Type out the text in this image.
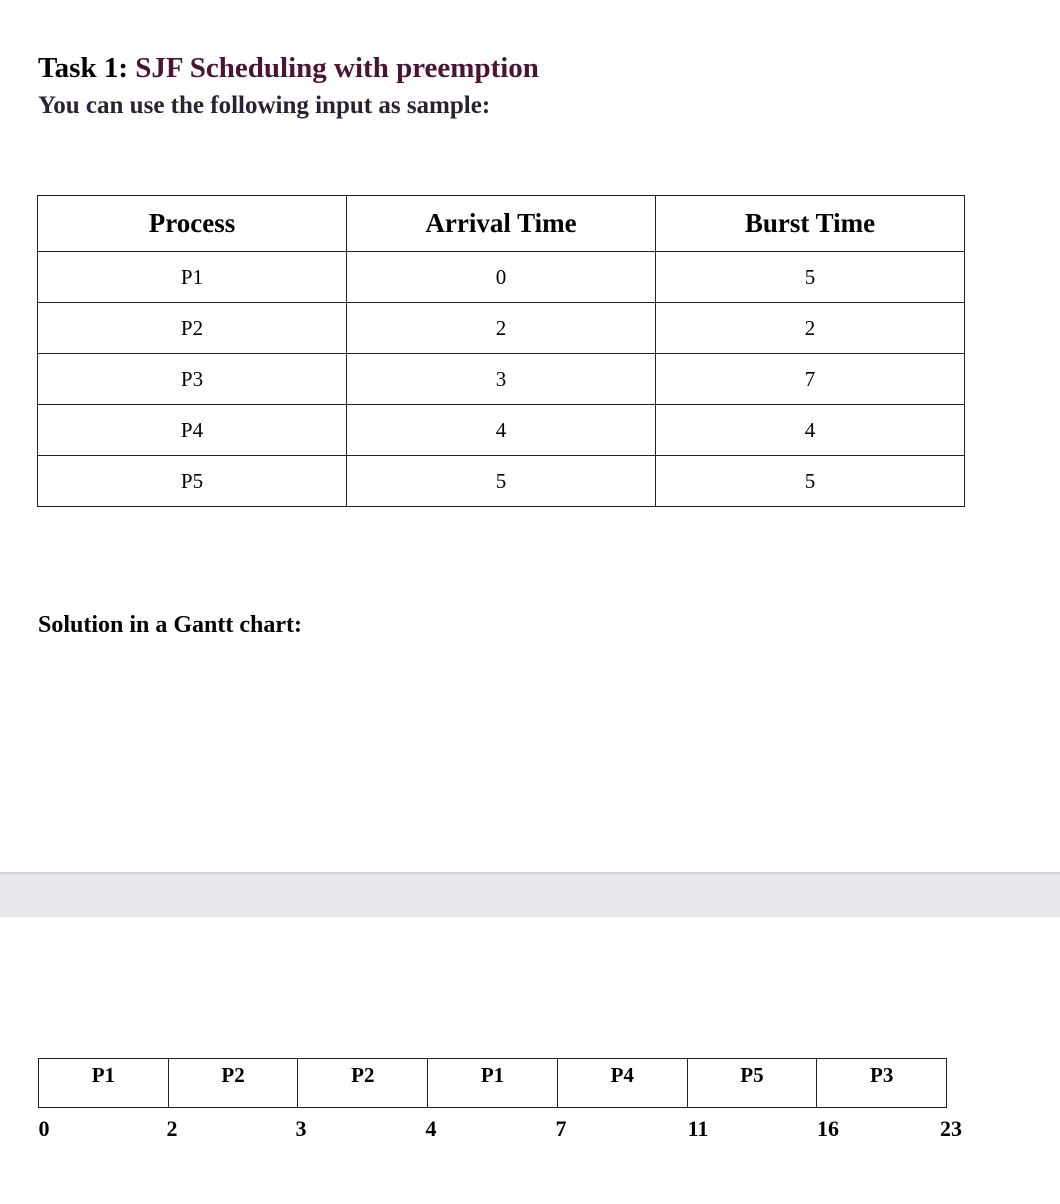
Task 1: SJF Scheduling with preemption
You can use the following input as sample:
Process	Arrival Time	Burst Time
P1	0	5
P2	2	2
P3	3	7
P4	4	4
P5	5	5
Solution in a Gantt chart:
P1	P2	P2	P1	P4	P5	P3
0	2	3	4	7	11	16	23
